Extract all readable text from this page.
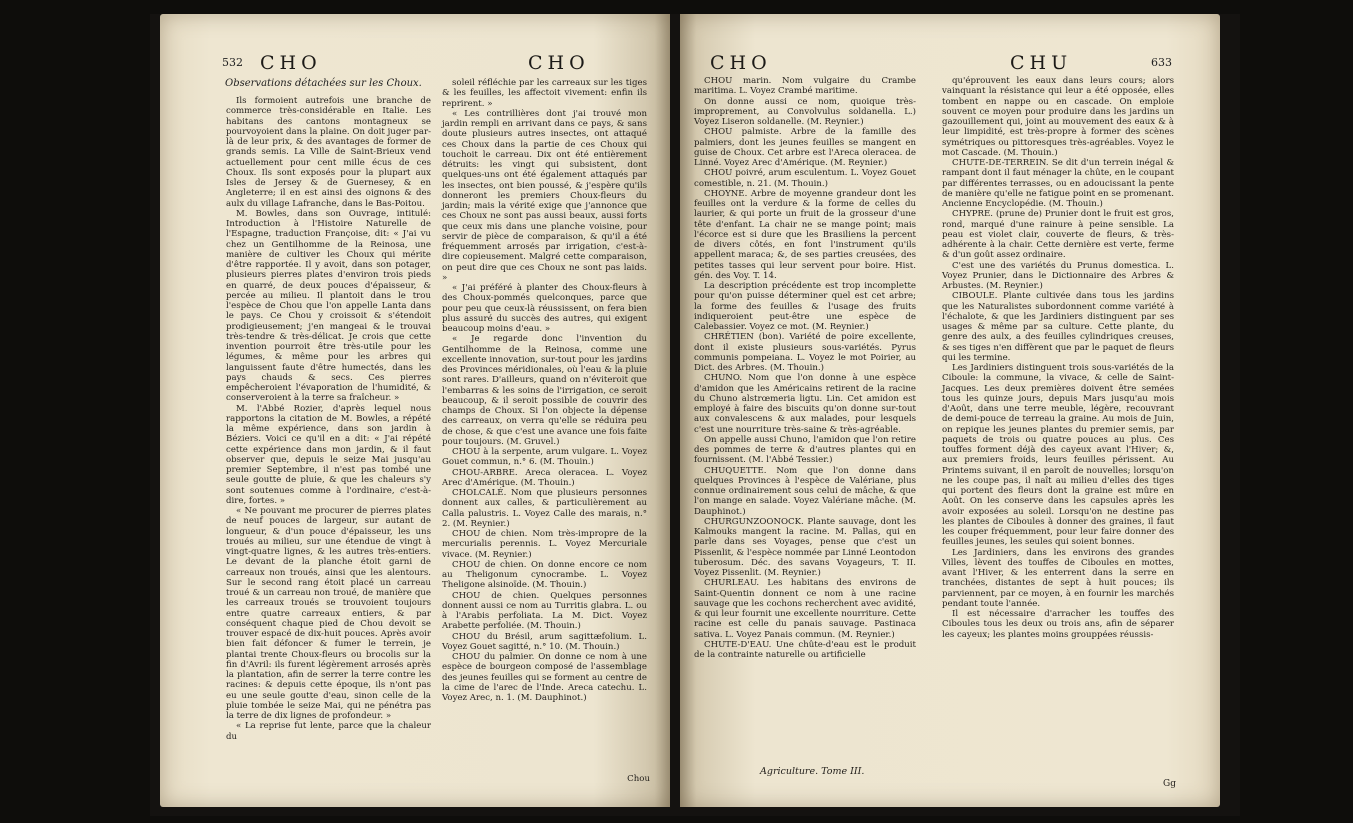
532 CHO	CHO
Observations détachées sur les Choux.

Ils formoient autrefois une branche de commerce très-considérable en Italie. Les habitans des cantons montagneux se pourvoyoient dans la plaine. On doit juger par-là de leur prix, & des avantages de former de grands semis. La Ville de Saint-Brieux vend actuellement pour cent mille écus de ces Choux. Ils sont exposés pour la plupart aux Isles de Jersey & de Guernesey, & en Angleterre; il en est ainsi des oignons & des aulx du village Lafranche, dans le Bas-Poitou.

M. Bowles, dans son Ouvrage, intitulé: Introduction à l'Histoire Naturelle de l'Espagne, traduction Françoise, dit: « J'ai vu chez un Gentilhomme de la Reinosa, une manière de cultiver les Choux qui mérite d'être rapportée. Il y avoit, dans son potager, plusieurs pierres plates d'environ trois pieds en quarré, de deux pouces d'épaisseur, & percée au milieu. Il plantoit dans le trou l'espèce de Chou que l'on appelle Lanta dans le pays. Ce Chou y croissoit & s'étendoit prodigieusement; j'en mangeai & le trouvai très-tendre & très-délicat. Je crois que cette invention pourroit être très-utile pour les légumes, & même pour les arbres qui languissent faute d'être humectés, dans les pays chauds & secs. Ces pierres empêcheroient l'évaporation de l'humidité, & conserveroient à la terre sa fraîcheur. »

M. l'Abbé Rozier, d'après lequel nous rapportons la citation de M. Bowles, a répété la même expérience, dans son jardin à Béziers. Voici ce qu'il en a dit: « J'ai répété cette expérience dans mon jardin, & il faut observer que, depuis le seize Mai jusqu'au premier Septembre, il n'est pas tombé une seule goutte de pluie, & que les chaleurs s'y sont soutenues comme à l'ordinaire, c'est-à-dire, fortes. »

« Ne pouvant me procurer de pierres plates de neuf pouces de largeur, sur autant de longueur, & d'un pouce d'épaisseur, les uns troués au milieu, sur une étendue de vingt à vingt-quatre lignes, & les autres très-entiers. Le devant de la planche étoit garni de carreaux non troués, ainsi que les alentours. Sur le second rang étoit placé un carreau troué & un carreau non troué, de manière que les carreaux troués se trouvoient toujours entre quatre carreaux entiers, & par conséquent chaque pied de Chou devoit se trouver espacé de dix-huit pouces. Après avoir bien fait défoncer & fumer le terrein, je plantai trente Choux-fleurs ou brocolis sur la fin d'Avril: ils furent légèrement arrosés après la plantation, afin de serrer la terre contre les racines: & depuis cette époque, ils n'ont pas eu une seule goutte d'eau, sinon celle de la pluie tombée le seize Mai, qui ne pénétra pas la terre de dix lignes de profondeur. »

« La reprise fut lente, parce que la chaleur du

soleil réfléchie par les carreaux sur les tiges & les feuilles, les affectoit vivement: enfin ils reprirent. »

« Les contrillières dont j'ai trouvé mon jardin rempli en arrivant dans ce pays, & sans doute plusieurs autres insectes, ont attaqué ces Choux dans la partie de ces Choux qui touchoit le carreau. Dix ont été entièrement détruits: les vingt qui subsistent, dont quelques-uns ont été également attaqués par les insectes, ont bien poussé, & j'espère qu'ils donneront les premiers Choux-fleurs du jardin; mais la vérité exige que j'annonce que ces Choux ne sont pas aussi beaux, aussi forts que ceux mis dans une planche voisine, pour servir de pièce de comparaison, & qu'il a été fréquemment arrosés par irrigation, c'est-à-dire copieusement. Malgré cette comparaison, on peut dire que ces Choux ne sont pas laids. »

« J'ai préféré à planter des Choux-fleurs à des Choux-pommés quelconques, parce que pour peu que ceux-là réussissent, on fera bien plus assuré du succès des autres, qui exigent beaucoup moins d'eau. »

« Je regarde donc l'invention du Gentilhomme de la Reinosa, comme une excellente innovation, sur-tout pour les jardins des Provinces méridionales, où l'eau & la pluie sont rares. D'ailleurs, quand on n'éviteroit que l'embarras & les soins de l'irrigation, ce seroit beaucoup, & il seroit possible de couvrir des champs de Choux. Si l'on objecte la dépense des carreaux, on verra qu'elle se réduira peu de chose, & que c'est une avance une fois faite pour toujours. (M. Gruvel.)

CHOU à la serpente, arum vulgare. L. Voyez Gouet commun, n.° 6. (M. Thouin.)

CHOU-ARBRE. Areca oleracea. L. Voyez Arec d'Amérique. (M. Thouin.)

CHOLCALÉ. Nom que plusieurs personnes donnent aux calles, & particulièrement au Calla palustris. L. Voyez Calle des marais, n.° 2. (M. Reynier.)

CHOU de chien. Nom très-impropre de la mercurialis perennis. L. Voyez Mercuriale vivace. (M. Reynier.)

CHOU de chien. On donne encore ce nom au Theligonum cynocrambe. L. Voyez Theligone alsinoïde. (M. Thouin.)

CHOU de chien. Quelques personnes donnent aussi ce nom au Turritis glabra. L. ou à l'Arabis perfoliata. La M. Dict. Voyez Arabette perfoliée. (M. Thouin.)

CHOU du Brésil, arum sagittæfolium. L. Voyez Gouet sagitté, n.° 10. (M. Thouin.)

CHOU du palmier. On donne ce nom à une espèce de bourgeon composé de l'assemblage des jeunes feuilles qui se forment au centre de la cime de l'arec de l'Inde. Areca catechu. L. Voyez Arec, n. 1. (M. Dauphinot.)

Chou
CHO	CHU	633

CHOU marin. Nom vulgaire du Crambe maritima. L. Voyez Crambé maritime.

On donne aussi ce nom, quoique très-improprement, au Convolvulus soldanella. L.) Voyez Liseron soldanelle. (M. Reynier.)

CHOU palmiste. Arbre de la famille des palmiers, dont les jeunes feuilles se mangent en guise de Choux. Cet arbre est l'Areca oleracea. de Linné. Voyez Arec d'Amérique. (M. Reynier.)

CHOU poivré, arum esculentum. L. Voyez Gouet comestible, n. 21. (M. Thouin.)

CHOYNE. Arbre de moyenne grandeur dont les feuilles ont la verdure & la forme de celles du laurier, & qui porte un fruit de la grosseur d'une tête d'enfant. La chair ne se mange point; mais l'écorce est si dure que les Brasiliens la percent de divers côtés, en font l'instrument qu'ils appellent maraca; &, de ses parties creusées, des petites tasses qui leur servent pour boire. Hist. gén. des Voy. T. 14.

La description précédente est trop incomplette pour qu'on puisse déterminer quel est cet arbre; la forme des feuilles & l'usage des fruits indiqueroient peut-être une espèce de Calebassier. Voyez ce mot. (M. Reynier.)

CHRÉTIEN (bon). Variété de poire excellente, dont il existe plusieurs sous-variétés. Pyrus communis pompeiana. L. Voyez le mot Poirier, au Dict. des Arbres. (M. Thouin.)

CHUNO. Nom que l'on donne à une espèce d'amidon que les Américains retirent de la racine du Chuno alstrœmeria ligtu. Lin. Cet amidon est employé à faire des biscuits qu'on donne sur-tout aux convalescens & aux malades, pour lesquels c'est une nourriture très-saine & très-agréable.

On appelle aussi Chuno, l'amidon que l'on retire des pommes de terre & d'autres plantes qui en fournissent. (M. l'Abbé Tessier.)

CHUQUETTE. Nom que l'on donne dans quelques Provinces à l'espèce de Valériane, plus connue ordinairement sous celui de mâche, & que l'on mange en salade. Voyez Valériane mâche. (M. Dauphinot.)

CHURGUNZOONOCK. Plante sauvage, dont les Kalmouks mangent la racine. M. Pallas, qui en parle dans ses Voyages, pense que c'est un Pissenlit, & l'espèce nommée par Linné Leontodon tuberosum. Déc. des savans Voyageurs, T. II. Voyez Pissenlit. (M. Reynier.)

CHURLEAU. Les habitans des environs de Saint-Quentin donnent ce nom à une racine sauvage que les cochons recherchent avec avidité, & qui leur fournit une excellente nourriture. Cette racine est celle du panais sauvage. Pastinaca sativa. L. Voyez Panais commun. (M. Reynier.)

CHUTE-D'EAU. Une chûte-d'eau est le produit de la contrainte naturelle ou artificielle

qu'éprouvent les eaux dans leurs cours; alors vainquant la résistance qui leur a été opposée, elles tombent en nappe ou en cascade. On emploie souvent ce moyen pour produire dans les jardins un gazouillement qui, joint au mouvement des eaux & à leur limpidité, est très-propre à former des scènes symétriques ou pittoresques très-agréables. Voyez le mot Cascade. (M. Thouin.)

CHUTE-DE-TERREIN. Se dit d'un terrein inégal & rampant dont il faut ménager la chûte, en le coupant par différentes terrasses, ou en adoucissant la pente de manière qu'elle ne fatigue point en se promenant. Ancienne Encyclopédie. (M. Thouin.)

CHYPRE. (prune de) Prunier dont le fruit est gros, rond, marqué d'une rainure à peine sensible. La peau est violet clair, couverte de fleurs, & très-adhérente à la chair. Cette dernière est verte, ferme & d'un goût assez ordinaire.

C'est une des variétés du Prunus domestica. L. Voyez Prunier, dans le Dictionnaire des Arbres & Arbustes. (M. Reynier.)

CIBOULE. Plante cultivée dans tous les jardins que les Naturalistes subordonnent comme variété à l'échalote, & que les Jardiniers distinguent par ses usages & même par sa culture. Cette plante, du genre des aulx, a des feuilles cylindriques creuses, & ses tiges n'en diffèrent que par le paquet de fleurs qui les termine.

Les Jardiniers distinguent trois sous-variétés de la Ciboule: la commune, la vivace, & celle de Saint-Jacques. Les deux premières doivent être semées tous les quinze jours, depuis Mars jusqu'au mois d'Août, dans une terre meuble, légère, recouvrant de demi-pouce de terreau la graine. Au mois de Juin, on repique les jeunes plantes du premier semis, par paquets de trois ou quatre pouces au plus. Ces touffes forment déjà des cayeux avant l'Hiver; &, aux premiers froids, leurs feuilles périssent. Au Printems suivant, il en paroît de nouvelles; lorsqu'on ne les coupe pas, il naît au milieu d'elles des tiges qui portent des fleurs dont la graine est mûre en Août. On les conserve dans les capsules après les avoir exposées au soleil. Lorsqu'on ne destine pas les plantes de Ciboules à donner des graines, il faut les couper fréquemment, pour leur faire donner des feuilles jeunes, les seules qui soient bonnes.

Les Jardiniers, dans les environs des grandes Villes, lèvent des touffes de Ciboules en mottes, avant l'Hiver, & les enterrent dans la serre en tranchées, distantes de sept à huit pouces; ils parviennent, par ce moyen, à en fournir les marchés pendant toute l'année.

Il est nécessaire d'arracher les touffes des Ciboules tous les deux ou trois ans, afin de séparer les cayeux; les plantes moins grouppées réussis-

Agriculture. Tome III.
Gg
